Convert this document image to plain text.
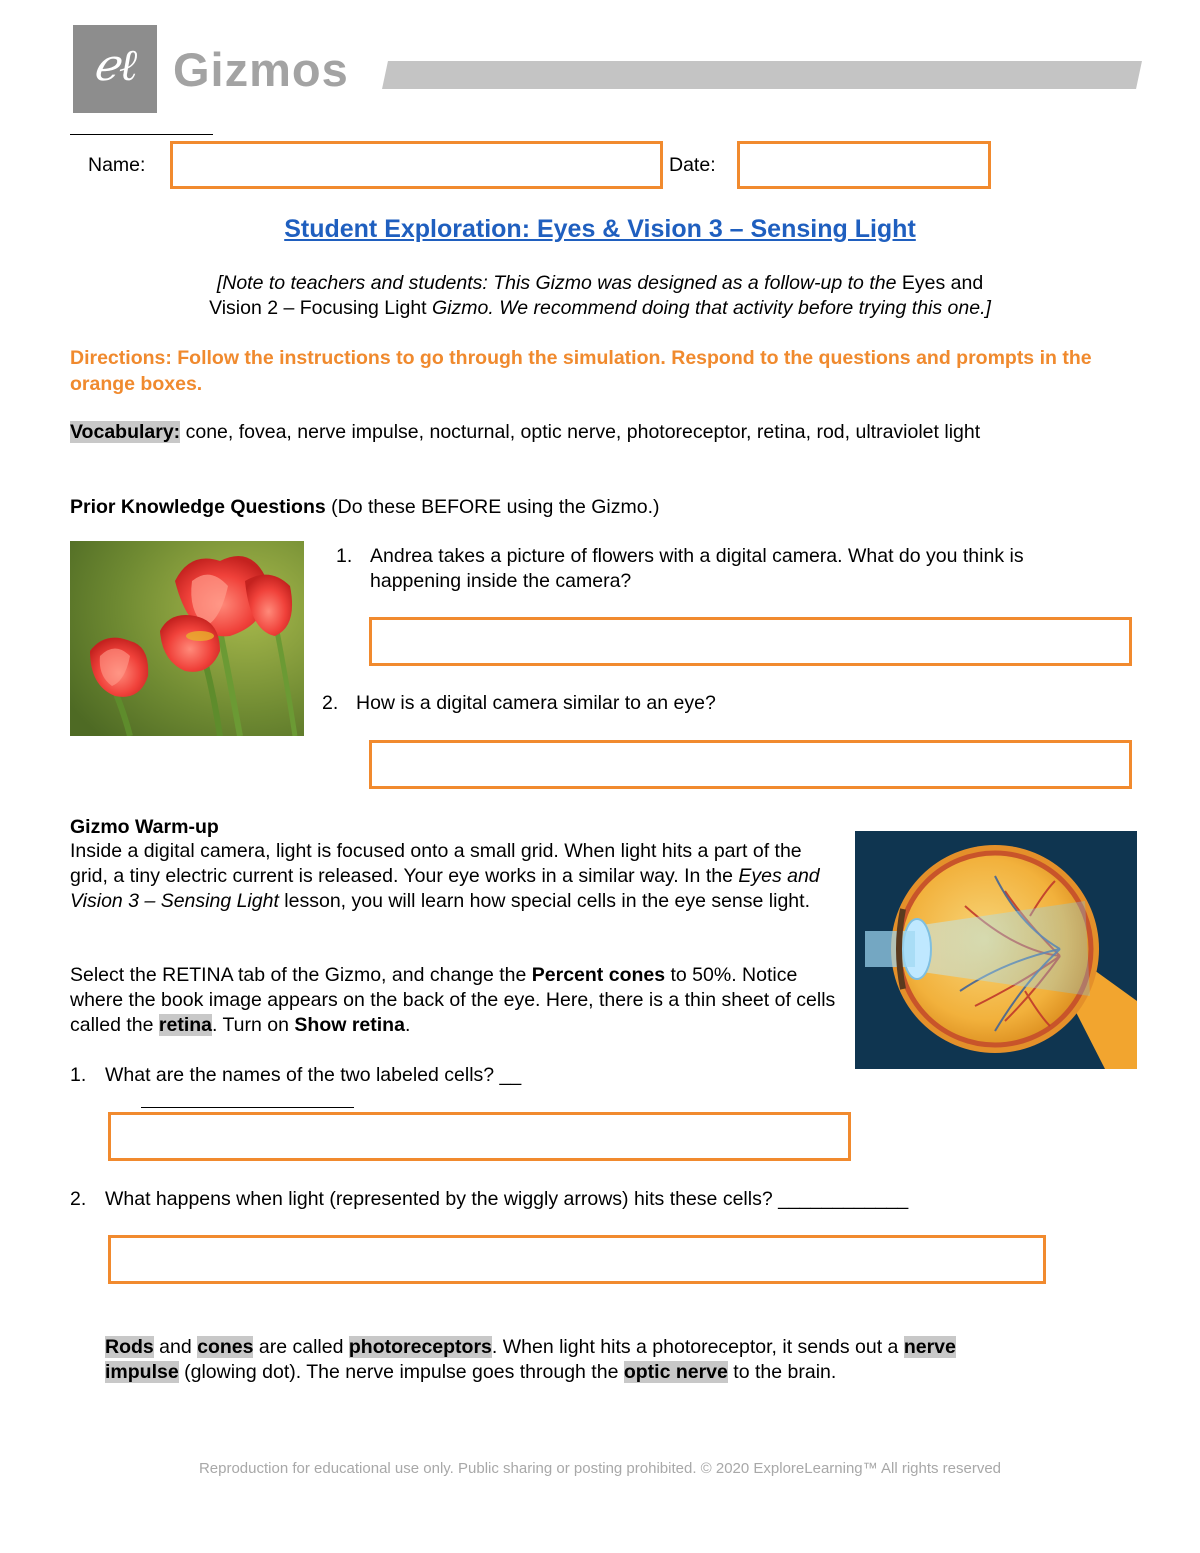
ℯℓ Gizmos
Name:	Date:
Student Exploration: Eyes & Vision 3 – Sensing Light
[Note to teachers and students: This Gizmo was designed as a follow-up to the Eyes and
Vision 2 – Focusing Light Gizmo. We recommend doing that activity before trying this one.]
Directions: Follow the instructions to go through the simulation. Respond to the questions and prompts in the orange boxes.
Vocabulary: cone, fovea, nerve impulse, nocturnal, optic nerve, photoreceptor, retina, rod, ultraviolet light
Prior Knowledge Questions (Do these BEFORE using the Gizmo.)
1. Andrea takes a picture of flowers with a digital camera. What do you think is happening inside the camera?
2. How is a digital camera similar to an eye?
Gizmo Warm-up
Inside a digital camera, light is focused onto a small grid. When light hits a part of the grid, a tiny electric current is released. Your eye works in a similar way. In the Eyes and Vision 3 – Sensing Light lesson, you will learn how special cells in the eye sense light.
Select the RETINA tab of the Gizmo, and change the Percent cones to 50%. Notice where the book image appears on the back of the eye. Here, there is a thin sheet of cells called the retina. Turn on Show retina.
1. What are the names of the two labeled cells? __
2. What happens when light (represented by the wiggly arrows) hits these cells? ____________
Rods and cones are called photoreceptors. When light hits a photoreceptor, it sends out a nerve
impulse (glowing dot). The nerve impulse goes through the optic nerve to the brain.
Reproduction for educational use only. Public sharing or posting prohibited. © 2020 ExploreLearning™ All rights reserved
